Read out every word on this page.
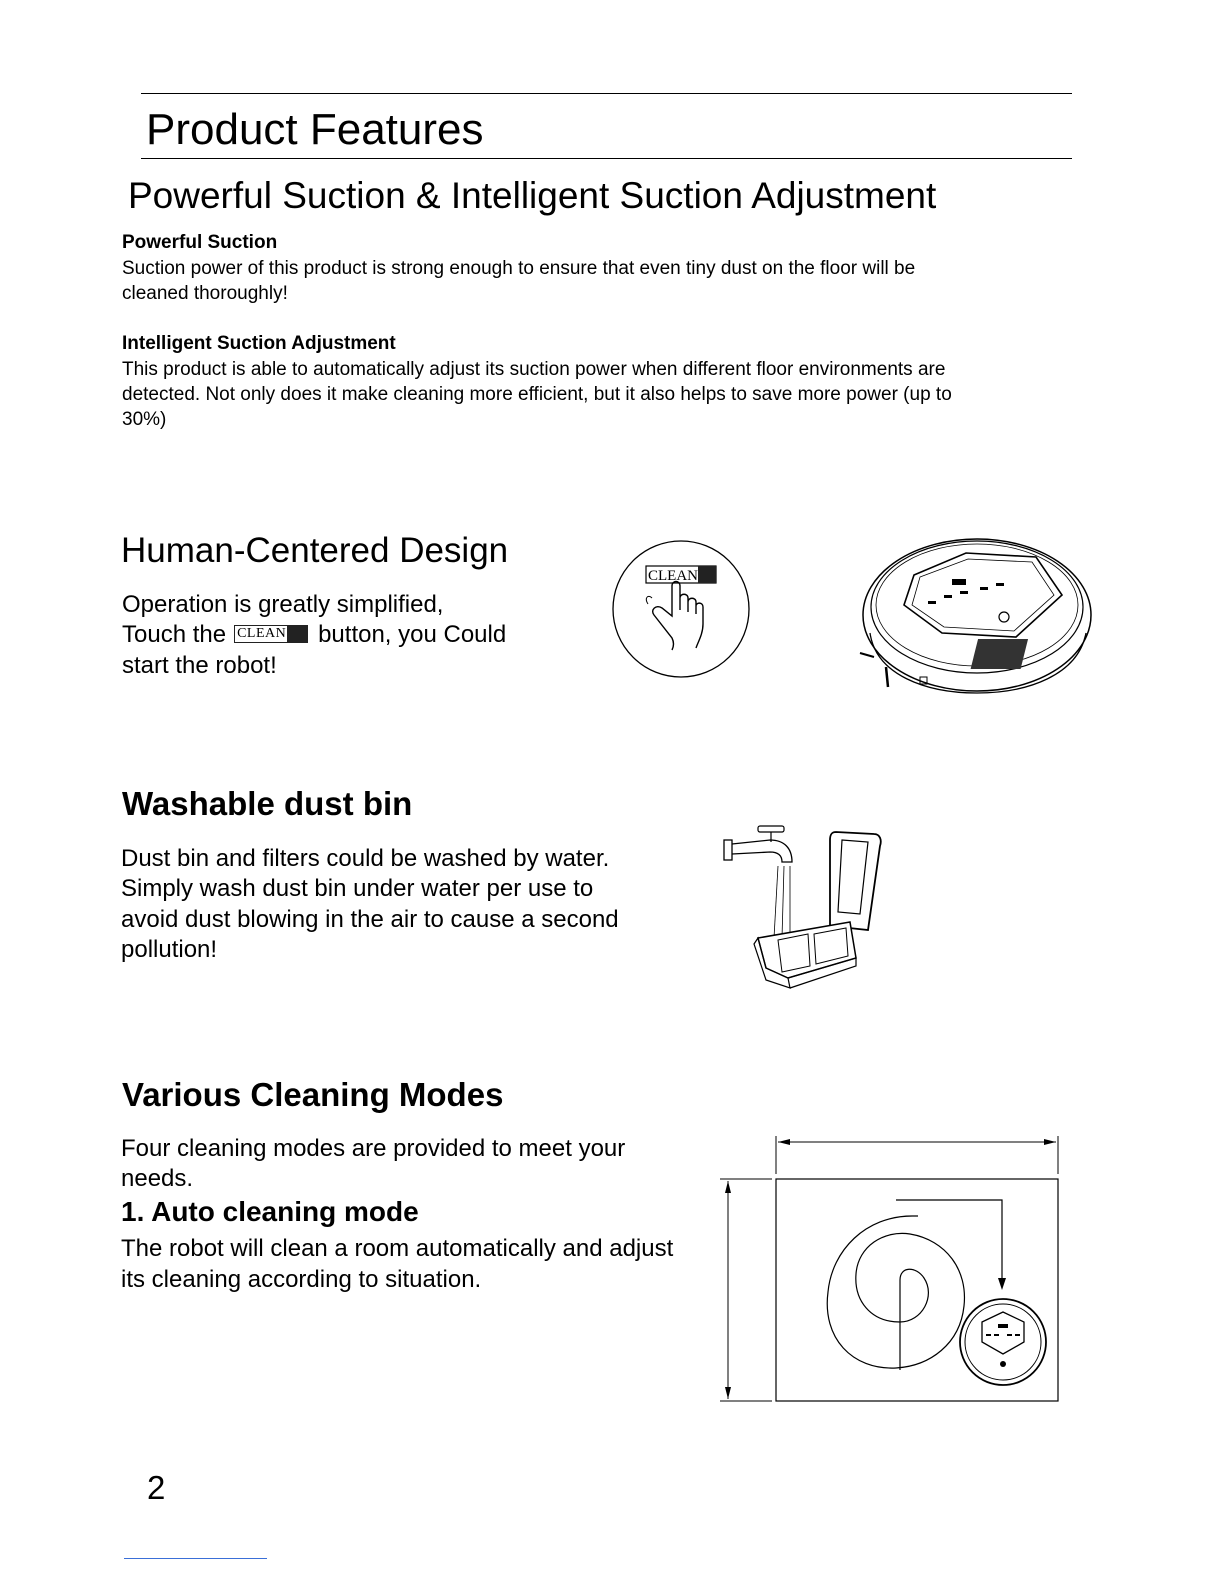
Product Features
Powerful Suction & Intelligent Suction Adjustment
Powerful Suction
Suction power of this product is strong enough to ensure that even tiny dust on the floor will be
cleaned thoroughly!
Intelligent Suction Adjustment
This product is able to automatically adjust its suction power when different floor environments are
detected. Not only does it make cleaning more efficient, but it also helps to save more power (up to
30%)
Human-Centered Design
Operation is greatly simplified,
Touch the CLEAN button, you Could
start the robot!
CLEAN
Washable dust bin
Dust bin and filters could be washed by water.
Simply wash dust bin under water per use to
avoid dust blowing in the air to cause a second
pollution!
Various Cleaning Modes
Four cleaning modes are provided to meet your
needs.
1. Auto cleaning mode
The robot will clean a room automatically and adjust
its cleaning according to situation.
2
